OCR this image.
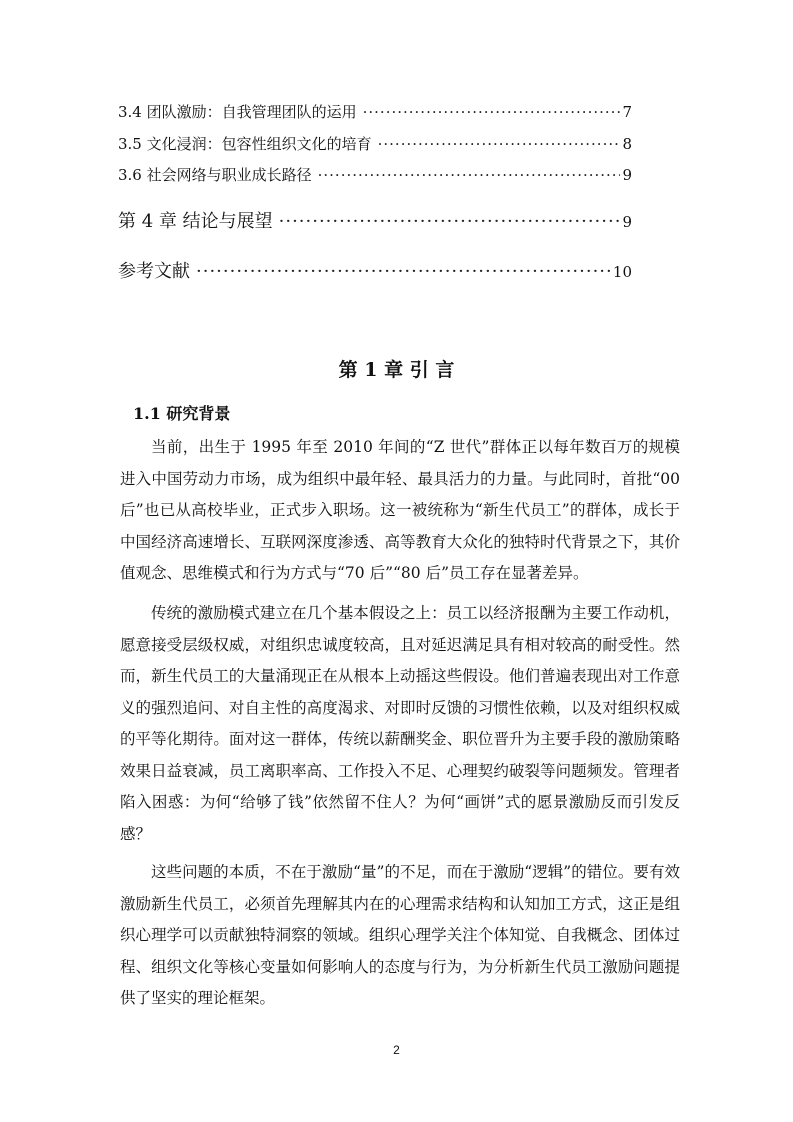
3.4 团队激励：自我管理团队的运用 ·····	7
3.5 文化浸润：包容性组织文化的培育 ·····	8
3.6 社会网络与职业成长路径 ·····	9
第 4 章 结论与展望 ·····	9
参考文献 ·····	10
第 1 章 引 言
1.1 研究背景

当前，出生于 1995 年至 2010 年间的“Z 世代”群体正以每年数百万的规模进入中国劳动力市场，成为组织中最年轻、最具活力的力量。与此同时，首批“00 后”也已从高校毕业，正式步入职场。这一被统称为“新生代员工”的群体，成长于中国经济高速增长、互联网深度渗透、高等教育大众化的独特时代背景之下，其价值观念、思维模式和行为方式与“70 后”“80 后”员工存在显著差异。

传统的激励模式建立在几个基本假设之上：员工以经济报酬为主要工作动机，愿意接受层级权威，对组织忠诚度较高，且对延迟满足具有相对较高的耐受性。然而，新生代员工的大量涌现正在从根本上动摇这些假设。他们普遍表现出对工作意义的强烈追问、对自主性的高度渴求、对即时反馈的习惯性依赖，以及对组织权威的平等化期待。面对这一群体，传统以薪酬奖金、职位晋升为主要手段的激励策略效果日益衰减，员工离职率高、工作投入不足、心理契约破裂等问题频发。管理者陷入困惑：为何“给够了钱”依然留不住人？为何“画饼”式的愿景激励反而引发反感？

这些问题的本质，不在于激励“量”的不足，而在于激励“逻辑”的错位。要有效激励新生代员工，必须首先理解其内在的心理需求结构和认知加工方式，这正是组织心理学可以贡献独特洞察的领域。组织心理学关注个体知觉、自我概念、团体过程、组织文化等核心变量如何影响人的态度与行为，为分析新生代员工激励问题提供了坚实的理论框架。

2
